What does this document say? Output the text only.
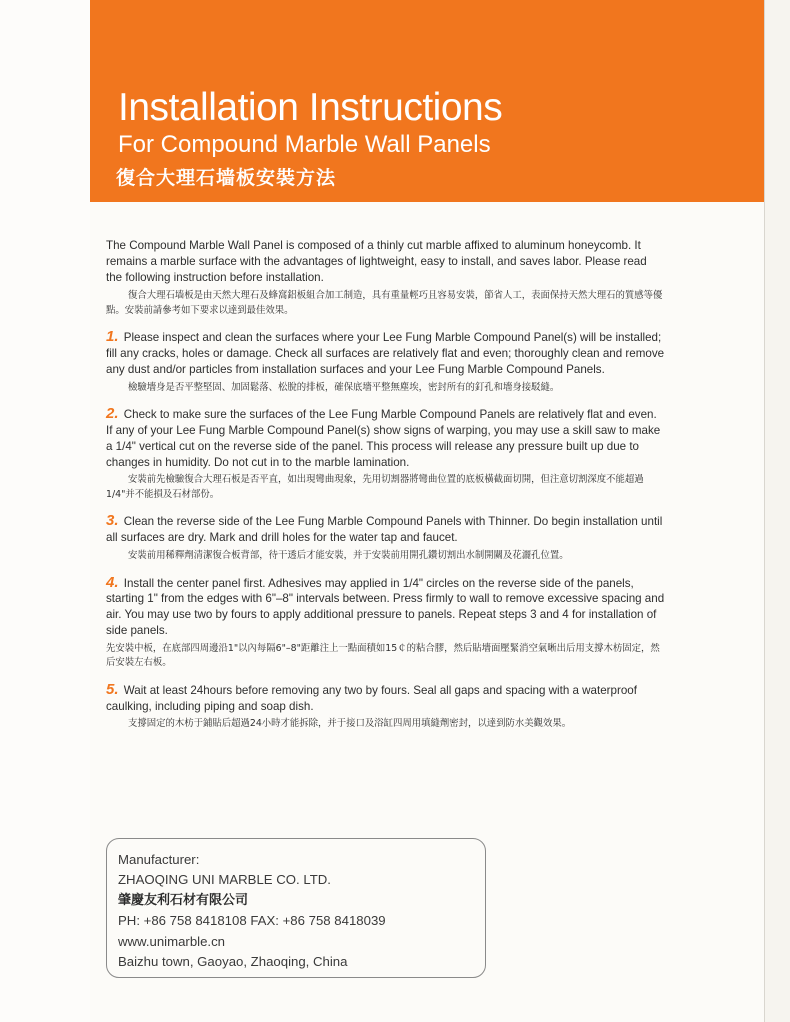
Installation Instructions
For Compound Marble Wall Panels
復合大理石墙板安裝方法

The Compound Marble Wall Panel is composed of a thinly cut marble affixed to aluminum honeycomb. It remains a marble surface with the advantages of lightweight, easy to install, and saves labor. Please read the following instruction before installation.

復合大理石墙板是由天然大理石及蜂窩鋁板組合加工制造，具有重量輕巧且容易安裝，節省人工，表面保持天然大理石的質感等優點。安裝前請參考如下要求以達到最佳效果。

1. Please inspect and clean the surfaces where your Lee Fung Marble Compound Panel(s) will be installed; fill any cracks, holes or damage. Check all surfaces are relatively flat and even; thoroughly clean and remove any dust and/or particles from installation surfaces and your Lee Fung Marble Compound Panels.

檢驗墻身是否平整堅固、加固鬆落、松脫的排板，確保底墻平整無塵埃，密封所有的釘孔和墻身接駁縫。

2. Check to make sure the surfaces of the Lee Fung Marble Compound Panels are relatively flat and even. If any of your Lee Fung Marble Compound Panel(s) show signs of warping, you may use a skill saw to make a 1/4" vertical cut on the reverse side of the panel. This process will release any pressure built up due to changes in humidity. Do not cut in to the marble lamination.

安裝前先檢驗復合大理石板是否平直，如出現彎曲現象，先用切割器將彎曲位置的底板橫截面切開，但注意切割深度不能超過1/4"并不能損及石材部份。

3. Clean the reverse side of the Lee Fung Marble Compound Panels with Thinner. Do begin installation until all surfaces are dry. Mark and drill holes for the water tap and faucet.

安裝前用稀釋劑清潔復合板背部，待干透后才能安裝，并于安裝前用開孔鑽切割出水制開關及花灑孔位置。

4. Install the center panel first. Adhesives may applied in 1/4" circles on the reverse side of the panels, starting 1" from the edges with 6"–8" intervals between. Press firmly to wall to remove excessive spacing and air. You may use two by fours to apply additional pressure to panels. Repeat steps 3 and 4 for installation of side panels.

先安裝中板，在底部四周邊沿1"以內每隔6"–8"距離注上一點面積如15￠的粘合膠，然后貼墻面壓緊消空氣晰出后用支撐木枋固定，然后安裝左右板。

5. Wait at least 24hours before removing any two by fours. Seal all gaps and spacing with a waterproof caulking, including piping and soap dish.

支撐固定的木枋于鋪貼后超過24小時才能拆除，并于接口及浴缸四周用填縫劑密封，以達到防水美觀效果。

Manufacturer:

ZHAOQING UNI MARBLE CO. LTD.

肇慶友利石材有限公司

PH: +86 758 8418108 FAX: +86 758 8418039

www.unimarble.cn

Baizhu town, Gaoyao, Zhaoqing, China
